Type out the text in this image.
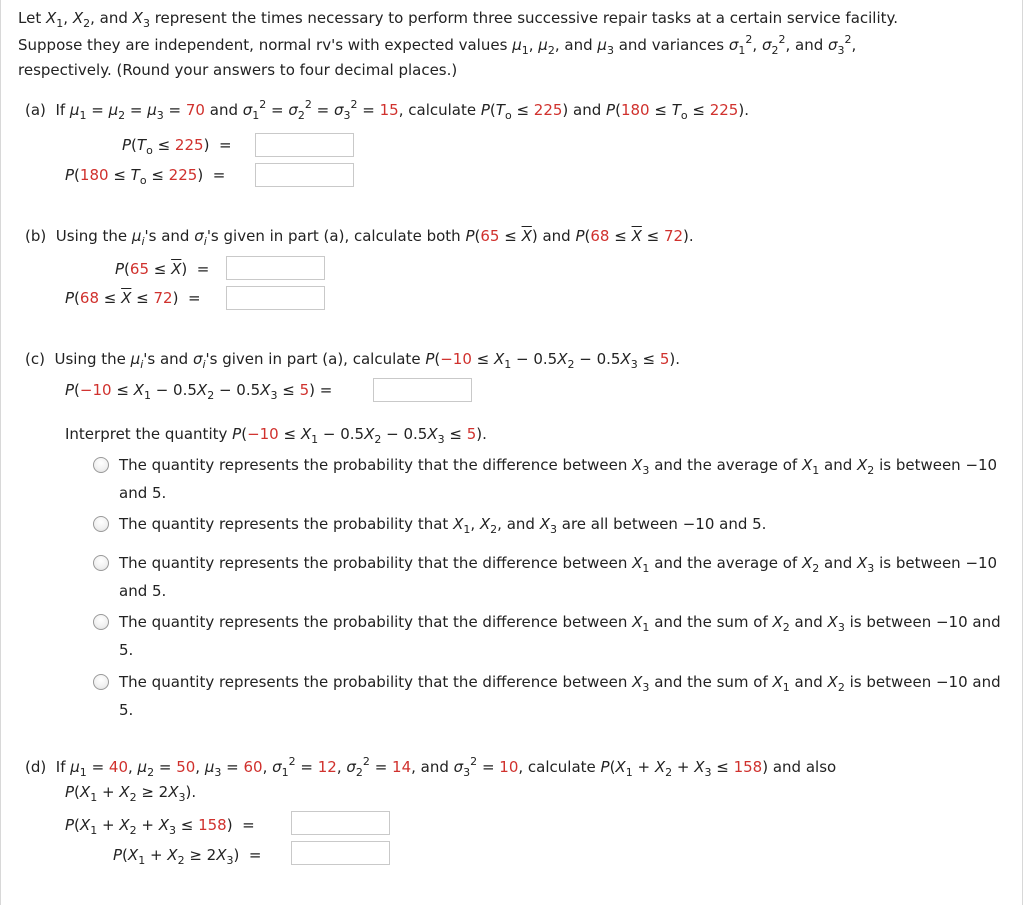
Let $X_1$, $X_2$, and $X_3$ represent the times necessary to perform three successive repair tasks at a certain service facility.
Suppose they are independent, normal rv's with expected values $\mu_1$, $\mu_2$, and $\mu_3$ and variances $\sigma_1^2$, $\sigma_2^2$, and $\sigma_3^2$,
respectively. (Round your answers to four decimal places.)
(a)  If $\mu_1 = \mu_2 = \mu_3 = 70$ and $\sigma_1^2 = \sigma_2^2 = \sigma_3^2 = 15$, calculate $P(T_o \le 225)$ and $P(180 \le T_o \le 225)$.
$P(T_o \le 225)$  =
$P(180 \le T_o \le 225)$  =
(b)  Using the $\mu_i's$ and $\sigma_i's$ given in part (a), calculate both $P(65 \le \overline{X})$ and $P(68 \le \overline{X} \le 72)$.
$P(65 \le \overline{X})$  =
$P(68 \le \overline{X} \le 72)$  =
(c)  Using the $\mu_i's$ and $\sigma_i's$ given in part (a), calculate $P(-10 \le X_1 - 0.5X_2 - 0.5X_3 \le 5)$.
$P(-10 \le X_1 - 0.5X_2 - 0.5X_3 \le 5)$ =
Interpret the quantity $P(-10 \le X_1 - 0.5X_2 - 0.5X_3 \le 5)$.
The quantity represents the probability that the difference between $X_3$ and the average of $X_1$ and $X_2$ is between −10 and 5.
The quantity represents the probability that $X_1$, $X_2$, and $X_3$ are all between −10 and 5.
The quantity represents the probability that the difference between $X_1$ and the average of $X_2$ and $X_3$ is between −10 and 5.
The quantity represents the probability that the difference between $X_1$ and the sum of $X_2$ and $X_3$ is between −10 and 5.
The quantity represents the probability that the difference between $X_3$ and the sum of $X_1$ and $X_2$ is between −10 and 5.
(d)  If $\mu_1 = 40$, $\mu_2 = 50$, $\mu_3 = 60$, $\sigma_1^2 = 12$, $\sigma_2^2 = 14$, and $\sigma_3^2 = 10$, calculate $P(X_1 + X_2 + X_3 \le 158)$ and also
$P(X_1 + X_2 \ge 2X_3)$.
$P(X_1 + X_2 + X_3 \le 158)$  =
$P(X_1 + X_2 \ge 2X_3)$  =
